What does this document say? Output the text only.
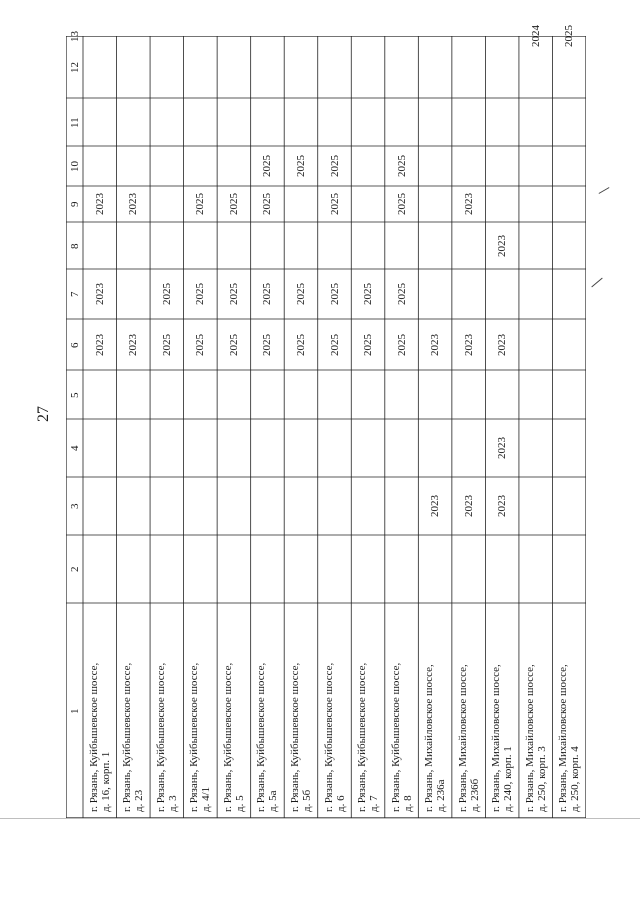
27
1
2
3
4
5
6
7
8
9
10
11
12
13
г. Рязань, Куйбышевское шоссе, д. 16, корп. 1
2023
2023
2023
г. Рязань, Куйбышевское шоссе, д. 23
2023
2023
г. Рязань, Куйбышевское шоссе, д. 3
2025
2025
г. Рязань, Куйбышевское шоссе, д. 4/1
2025
2025
2025
г. Рязань, Куйбышевское шоссе, д. 5
2025
2025
2025
г. Рязань, Куйбышевское шоссе, д. 5а
2025
2025
2025
2025
г. Рязань, Куйбышевское шоссе, д. 5б
2025
2025
2025
г. Рязань, Куйбышевское шоссе, д. 6
2025
2025
2025
2025
г. Рязань, Куйбышевское шоссе, д. 7
2025
2025
г. Рязань, Куйбышевское шоссе, д. 8
2025
2025
2025
2025
г. Рязань, Михайловское шоссе, д. 236а
2023
2023
г. Рязань, Михайловское шоссе, д. 236б
2023
2023
2023
г. Рязань, Михайловское шоссе, д. 240, корп. 1
2023
2023
2023
2023
г. Рязань, Михайловское шоссе, д. 250, корп. 3
2024
г. Рязань, Михайловское шоссе, д. 250, корп. 4
2025
